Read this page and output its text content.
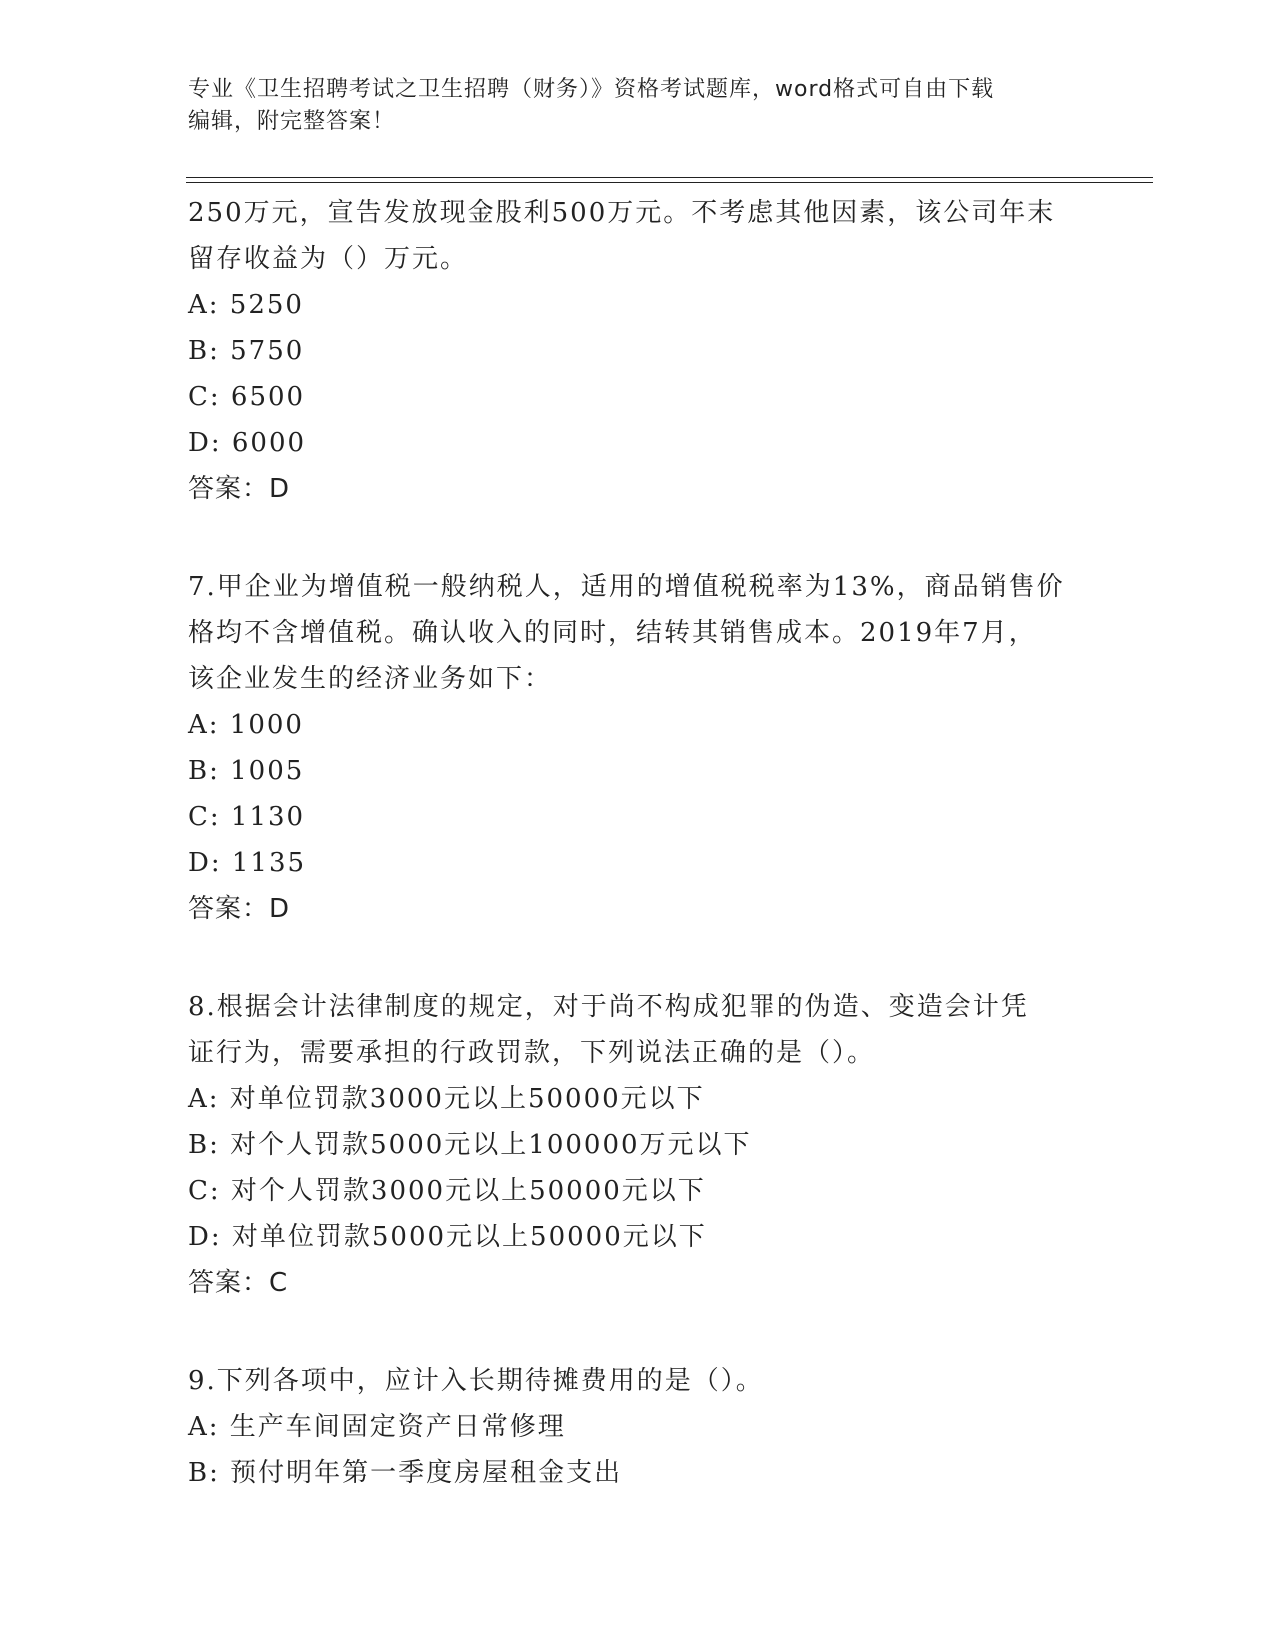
专业《卫生招聘考试之卫生招聘（财务）》资格考试题库，word格式可自由下载
编辑，附完整答案！

250万元，宣告发放现金股利500万元。不考虑其他因素，该公司年末

留存收益为（）万元。

A: 5250

B: 5750

C: 6500

D: 6000

答案：D

7.甲企业为增值税一般纳税人，适用的增值税税率为13%，商品销售价

格均不含增值税。确认收入的同时，结转其销售成本。2019年7月，

该企业发生的经济业务如下：

A: 1000

B: 1005

C: 1130

D: 1135

答案：D

8.根据会计法律制度的规定，对于尚不构成犯罪的伪造、变造会计凭

证行为，需要承担的行政罚款，下列说法正确的是（）。

A: 对单位罚款3000元以上50000元以下

B: 对个人罚款5000元以上100000万元以下

C: 对个人罚款3000元以上50000元以下

D: 对单位罚款5000元以上50000元以下

答案：C

9.下列各项中，应计入长期待摊费用的是（）。

A: 生产车间固定资产日常修理

B: 预付明年第一季度房屋租金支出
